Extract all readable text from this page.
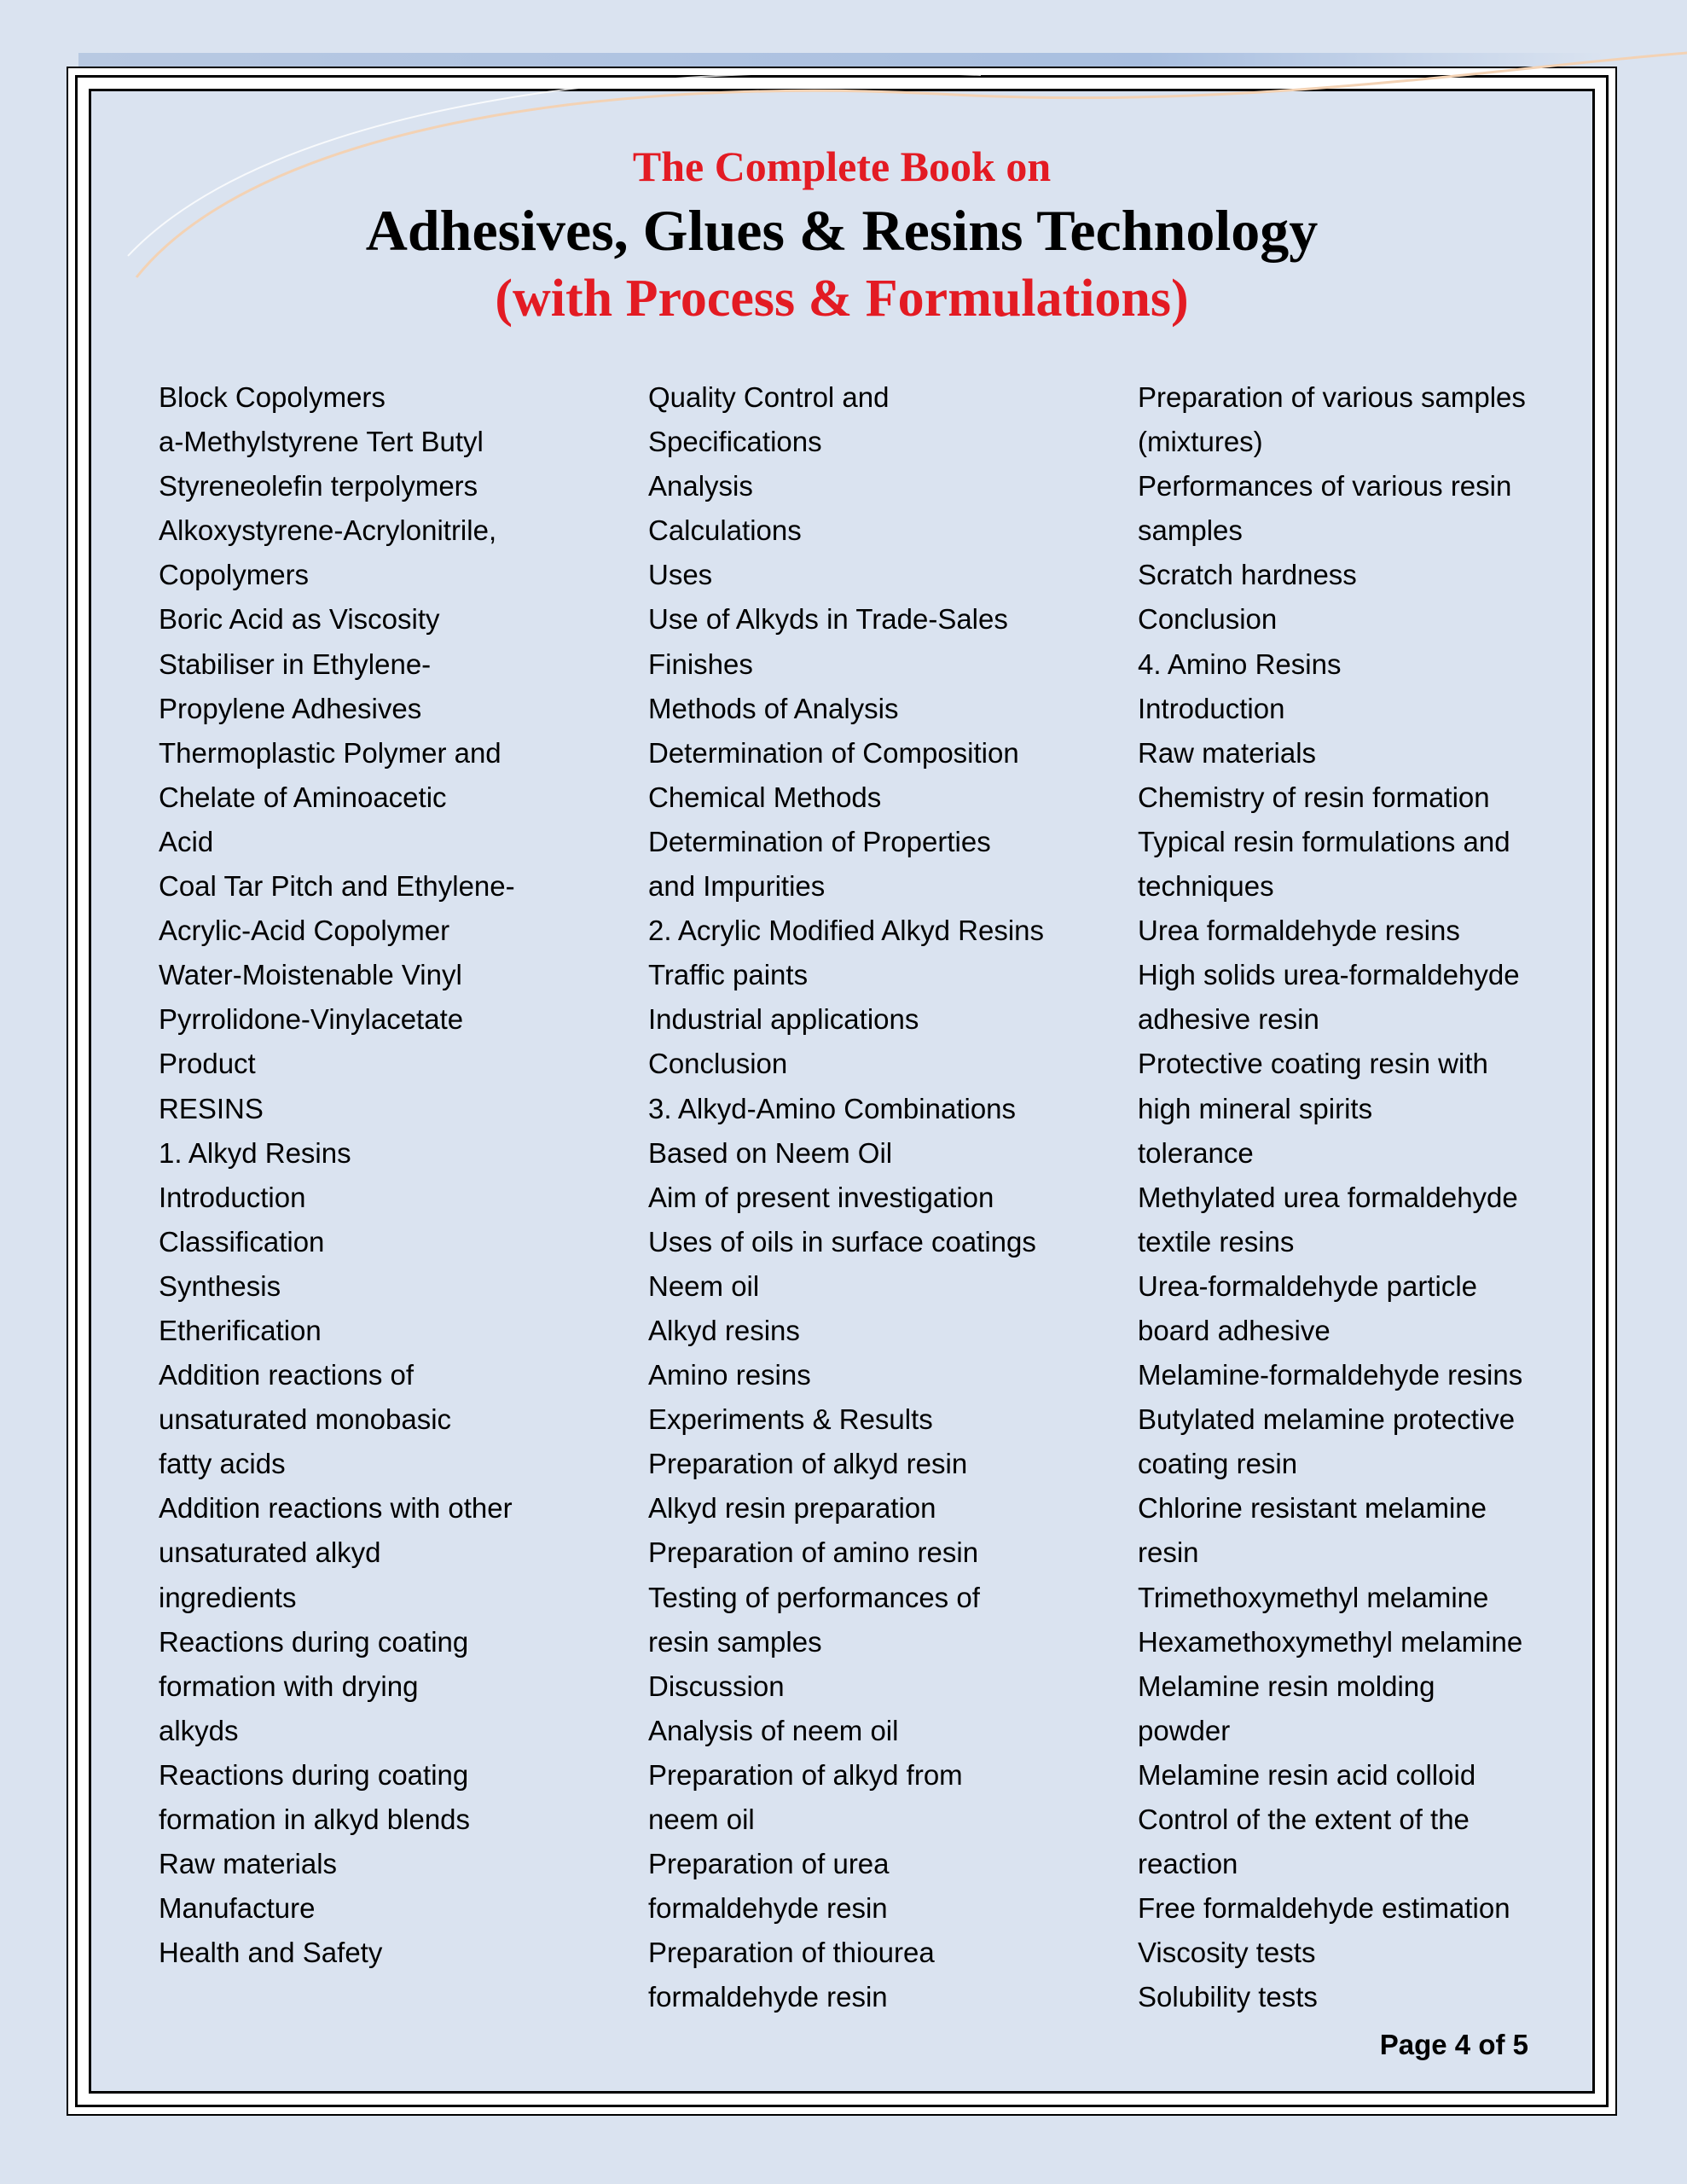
The Complete Book on
Adhesives, Glues & Resins Technology
(with Process & Formulations)
Block Copolymers
a-Methylstyrene Tert Butyl
Styreneolefin terpolymers
Alkoxystyrene-Acrylonitrile,
Copolymers
Boric Acid as Viscosity
Stabiliser in Ethylene-
Propylene Adhesives
Thermoplastic Polymer and
Chelate of Aminoacetic
Acid
Coal Tar Pitch and Ethylene-
Acrylic-Acid Copolymer
Water-Moistenable Vinyl
Pyrrolidone-Vinylacetate
Product
RESINS
1. Alkyd Resins
Introduction
Classification
Synthesis
Etherification
Addition reactions of
unsaturated monobasic
fatty acids
Addition reactions with other
unsaturated alkyd
ingredients
Reactions during coating
formation with drying
alkyds
Reactions during coating
formation in alkyd blends
Raw materials
Manufacture
Health and Safety
Quality Control and
Specifications
Analysis
Calculations
Uses
Use of Alkyds in Trade-Sales
Finishes
Methods of Analysis
Determination of Composition
Chemical Methods
Determination of Properties
and Impurities
2. Acrylic Modified Alkyd Resins
Traffic paints
Industrial applications
Conclusion
3. Alkyd-Amino Combinations
Based on Neem Oil
Aim of present investigation
Uses of oils in surface coatings
Neem oil
Alkyd resins
Amino resins
Experiments & Results
Preparation of alkyd resin
Alkyd resin preparation
Preparation of amino resin
Testing of performances of
resin samples
Discussion
Analysis of neem oil
Preparation of alkyd from
neem oil
Preparation of urea
formaldehyde resin
Preparation of thiourea
formaldehyde resin
Preparation of various samples
(mixtures)
Performances of various resin
samples
Scratch hardness
Conclusion
4. Amino Resins
Introduction
Raw materials
Chemistry of resin formation
Typical resin formulations and
techniques
Urea formaldehyde resins
High solids urea-formaldehyde
adhesive resin
Protective coating resin with
high mineral spirits
tolerance
Methylated urea formaldehyde
textile resins
Urea-formaldehyde particle
board adhesive
Melamine-formaldehyde resins
Butylated melamine protective
coating resin
Chlorine resistant melamine
resin
Trimethoxymethyl melamine
Hexamethoxymethyl melamine
Melamine resin molding
powder
Melamine resin acid colloid
Control of the extent of the
reaction
Free formaldehyde estimation
Viscosity tests
Solubility tests
Page 4 of 5
